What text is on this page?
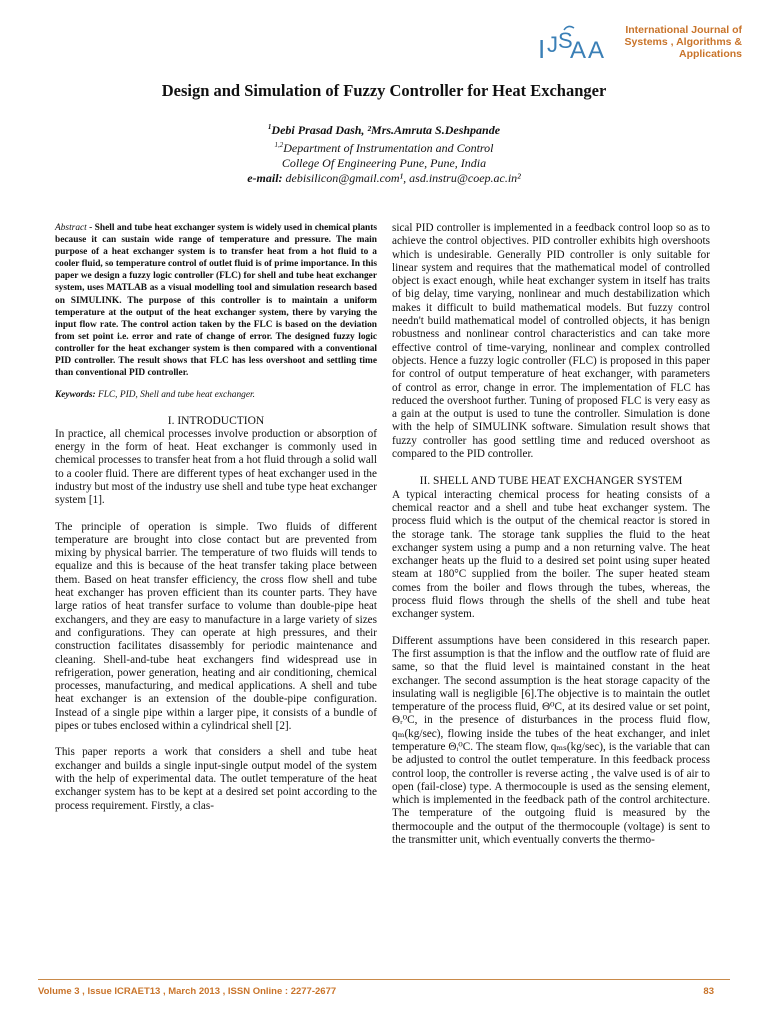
I J S
A A
International Journal of
Systems , Algorithms &
Applications
Design and Simulation of Fuzzy Controller for Heat Exchanger
$^1$Debi Prasad Dash, ²Mrs.Amruta S.Deshpande
$^{1,2}$Department of Instrumentation and Control
College Of Engineering Pune, Pune, India
e-mail: debisilicon@gmail.com¹, asd.instru@coep.ac.in²

Abstract - Shell and tube heat exchanger system is widely used in chemical plants because it can sustain wide range of temperature and pressure. The main purpose of a heat exchanger system is to transfer heat from a hot fluid to a cooler fluid, so temperature control of outlet fluid is of prime importance. In this paper we design a fuzzy logic controller (FLC) for shell and tube heat exchanger system, uses MATLAB as a visual modelling tool and simulation research based on SIMULINK. The purpose of this controller is to maintain a uniform temperature at the output of the heat exchanger system, there by varying the input flow rate. The control action taken by the FLC is based on the deviation from set point i.e. error and rate of change of error. The designed fuzzy logic controller for the heat exchanger system is then compared with a conventional PID controller. The result shows that FLC has less overshoot and settling time than conventional PID controller.

Keywords: FLC, PID, Shell and tube heat exchanger.

I. INTRODUCTION

In practice, all chemical processes involve production or absorption of energy in the form of heat. Heat exchanger is commonly used in chemical processes to transfer heat from a hot fluid through a solid wall to a cooler fluid. There are different types of heat exchanger used in the industry but most of the industry use shell and tube type heat exchanger system [1].

The principle of operation is simple. Two fluids of different temperature are brought into close contact but are prevented from mixing by physical barrier. The temperature of two fluids will tends to equalize and this is because of the heat transfer taking place between them. Based on heat transfer efficiency, the cross flow shell and tube heat exchanger has proven efficient than its counter parts. They have large ratios of heat transfer surface to volume than double-pipe heat exchangers, and they are easy to manufacture in a large variety of sizes and configurations. They can operate at high pressures, and their construction facilitates disassembly for periodic maintenance and cleaning. Shell-and-tube heat exchangers find widespread use in refrigeration, power generation, heating and air conditioning, chemical processes, manufacturing, and medical applications. A shell and tube heat exchanger is an extension of the double-pipe configuration. Instead of a single pipe within a larger pipe, it consists of a bundle of pipes or tubes enclosed within a cylindrical shell [2].

This paper reports a work that considers a shell and tube heat exchanger and builds a single input-single output model of the system with the help of experimental data. The outlet temperature of the heat exchanger system has to be kept at a desired set point according to the process requirement. Firstly, a clas-

sical PID controller is implemented in a feedback control loop so as to achieve the control objectives. PID controller exhibits high overshoots which is undesirable. Generally PID controller is only suitable for linear system and requires that the mathematical model of controlled object is exact enough, while heat exchanger system in itself has traits of big delay, time varying, nonlinear and much destabilization which makes it difficult to build mathematical models. But fuzzy control needn't build mathematical model of controlled objects, it has benign robustness and nonlinear control characteristics and can take more effective control of time-varying, nonlinear and complex controlled objects. Hence a fuzzy logic controller (FLC) is proposed in this paper for control of output temperature of heat exchanger, with parameters of control as error, change in error. The implementation of FLC has reduced the overshoot further. Tuning of proposed FLC is very easy as a gain at the output is used to tune the controller. Simulation is done with the help of SIMULINK software. Simulation result shows that fuzzy controller has good settling time and reduced overshoot as compared to the PID controller.

II. SHELL AND TUBE HEAT EXCHANGER SYSTEM

A typical interacting chemical process for heating consists of a chemical reactor and a shell and tube heat exchanger system. The process fluid which is the output of the chemical reactor is stored in the storage tank. The storage tank supplies the fluid to the heat exchanger system using a pump and a non returning valve. The heat exchanger heats up the fluid to a desired set point using super heated steam at 180°C supplied from the boiler. The super heated steam comes from the boiler and flows through the tubes, whereas, the process fluid flows through the shells of the shell and tube heat exchanger system.

Different assumptions have been considered in this research paper. The first assumption is that the inflow and the outflow rate of fluid are same, so that the fluid level is maintained constant in the heat exchanger. The second assumption is the heat storage capacity of the insulating wall is negligible [6].The objective is to maintain the outlet temperature of the process fluid, Θ⁰C, at its desired value or set point, Θᵣ⁰C, in the presence of disturbances in the process fluid flow, qₘ(kg/sec), flowing inside the tubes of the heat exchanger, and inlet temperature Θᵢ⁰C. The steam flow, qₘₛ(kg/sec), is the variable that can be adjusted to control the outlet temperature. In this feedback process control loop, the controller is reverse acting , the valve used is of air to open (fail-close) type. A thermocouple is used as the sensing element, which is implemented in the feedback path of the control architecture. The temperature of the outgoing fluid is measured by the thermocouple and the output of the thermocouple (voltage) is sent to the transmitter unit, which eventually converts the thermo-

Volume 3 , Issue ICRAET13 , March 2013 , ISSN Online : 2277-2677	83
